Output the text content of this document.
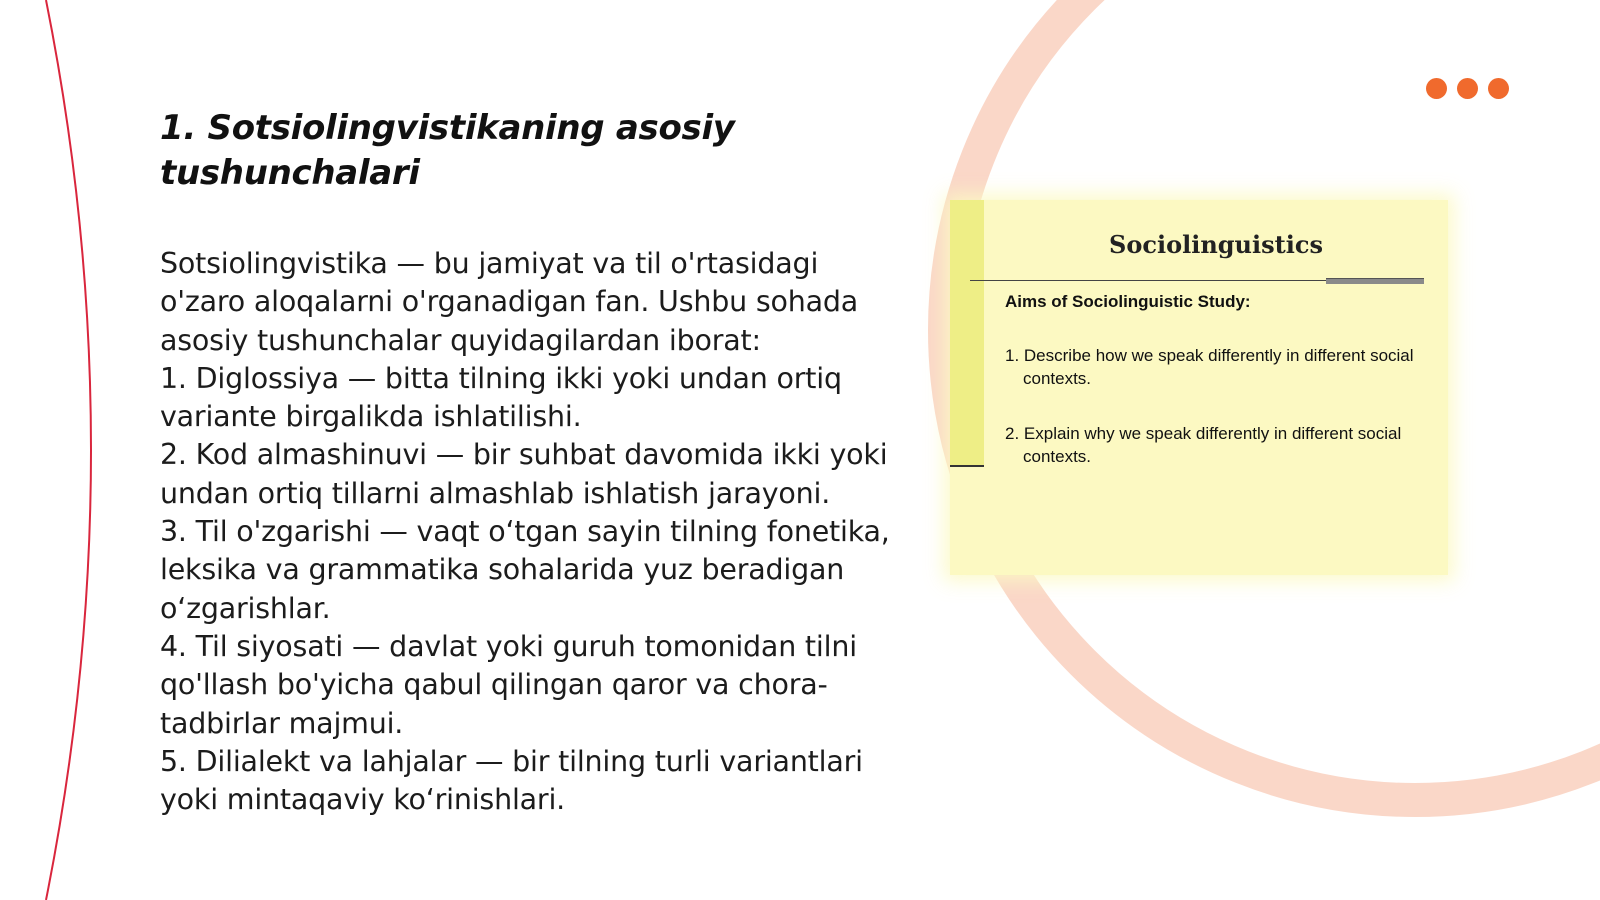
1. Sotsiolingvistikaning asosiy tushunchalari

Sotsiolingvistika — bu jamiyat va til o'rtasidagi o'zaro aloqalarni o'rganadigan fan. Ushbu sohada asosiy tushunchalar quyidagilardan iborat:

1. Diglossiya — bitta tilning ikki yoki undan ortiq variante birgalikda ishlatilishi.

2. Kod almashinuvi — bir suhbat davomida ikki yoki undan ortiq tillarni almashlab ishlatish jarayoni.

3. Til o'zgarishi — vaqt o‘tgan sayin tilning fonetika, leksika va grammatika sohalarida yuz beradigan o‘zgarishlar.

4. Til siyosati — davlat yoki guruh tomonidan tilni qo'llash bo'yicha qabul qilingan qaror va chora-tadbirlar majmui.

5. Dilialekt va lahjalar — bir tilning turli variantlari yoki mintaqaviy ko‘rinishlari.

Sociolinguistics
Aims of Sociolinguistic Study:
1. Describe how we speak differently in different social contexts.
2. Explain why we speak differently in different social contexts.
